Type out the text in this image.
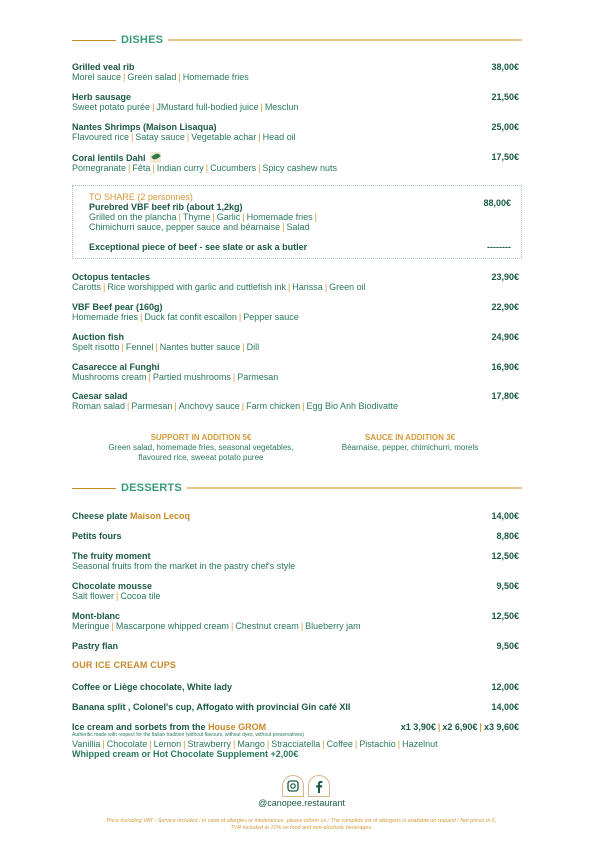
DISHES
Grilled veal rib	38,00€
Morel sauce | Green salad | Homemade fries
Herb sausage	21,50€
Sweet potato purée | JMustard full-bodied juice | Mesclun
Nantes Shrimps (Maison Lisaqua)	25,00€
Flavoured rice | Satay sauce | Vegetable achar | Head oil
Coral lentils Dahl	17,50€
Pomegranate | Fêta | Indian curry | Cucumbers | Spicy cashew nuts
TO SHARE (2 personnes)
Purebred VBF beef rib (about 1,2kg)	88,00€
Grilled on the plancha | Thyme | Garlic | Homemade fries |
Chimichurri sauce, pepper sauce and béarnaise | Salad
Exceptional piece of beef - see slate or ask a butler	--------
Octopus tentacles	23,90€
Carotts | Rice worshipped with garlic and cuttlefish ink | Harissa | Green oil
VBF Beef pear (160g)	22,90€
Homemade fries | Duck fat confit escallon | Pepper sauce
Auction fish	24,90€
Spelt risotto | Fennel | Nantes butter sauce | Dill
Casarecce al Funghi	16,90€
Mushrooms cream | Partied mushrooms | Parmesan
Caesar salad	17,80€
Roman salad | Parmesan | Anchovy sauce | Farm chicken | Egg Bio Anh Biodivatte
SUPPORT IN ADDITION 5€
Green salad, homemade fries, seasonal vegetables,
flavoured rice, sweeat potato puree
SAUCE IN ADDITION 3€
Béarnaise, pepper, chimichurri, morels
DESSERTS
Cheese plate Maison Lecoq	14,00€
Petits fours	8,80€
The fruity moment	12,50€
Seasonal fruits from the market in the pastry chef's style
Chocolate mousse	9,50€
Salt flower | Cocoa tile
Mont-blanc	12,50€
Meringue | Mascarpone whipped cream | Chestnut cream | Blueberry jam
Pastry flan	9,50€
OUR ICE CREAM CUPS
Coffee or Liège chocolate, White lady	12,00€
Banana split , Colonel's cup, Affogato with provincial Gin café XII	14,00€
Ice cream and sorbets from the House GROM	x1 3,90€ | x2 6,90€ | x3 9,60€
Authentic made with respect for the Italian tradition (without flavours, without dyes, without preservatives)
Vanillia | Chocolate | Lemon | Strawberry | Mango | Stracciatella | Coffee | Pistachio | Hazelnut
Whipped cream or Hot Chocolate Supplement +2,00€
@canopee.restaurant
Price including VAT - Service included / In case of allergies or intolerances, please inform us / The complete list of allergens is available on request / Net prices in €,
TVR included at 10% on food and non-alcoholic beverages.
